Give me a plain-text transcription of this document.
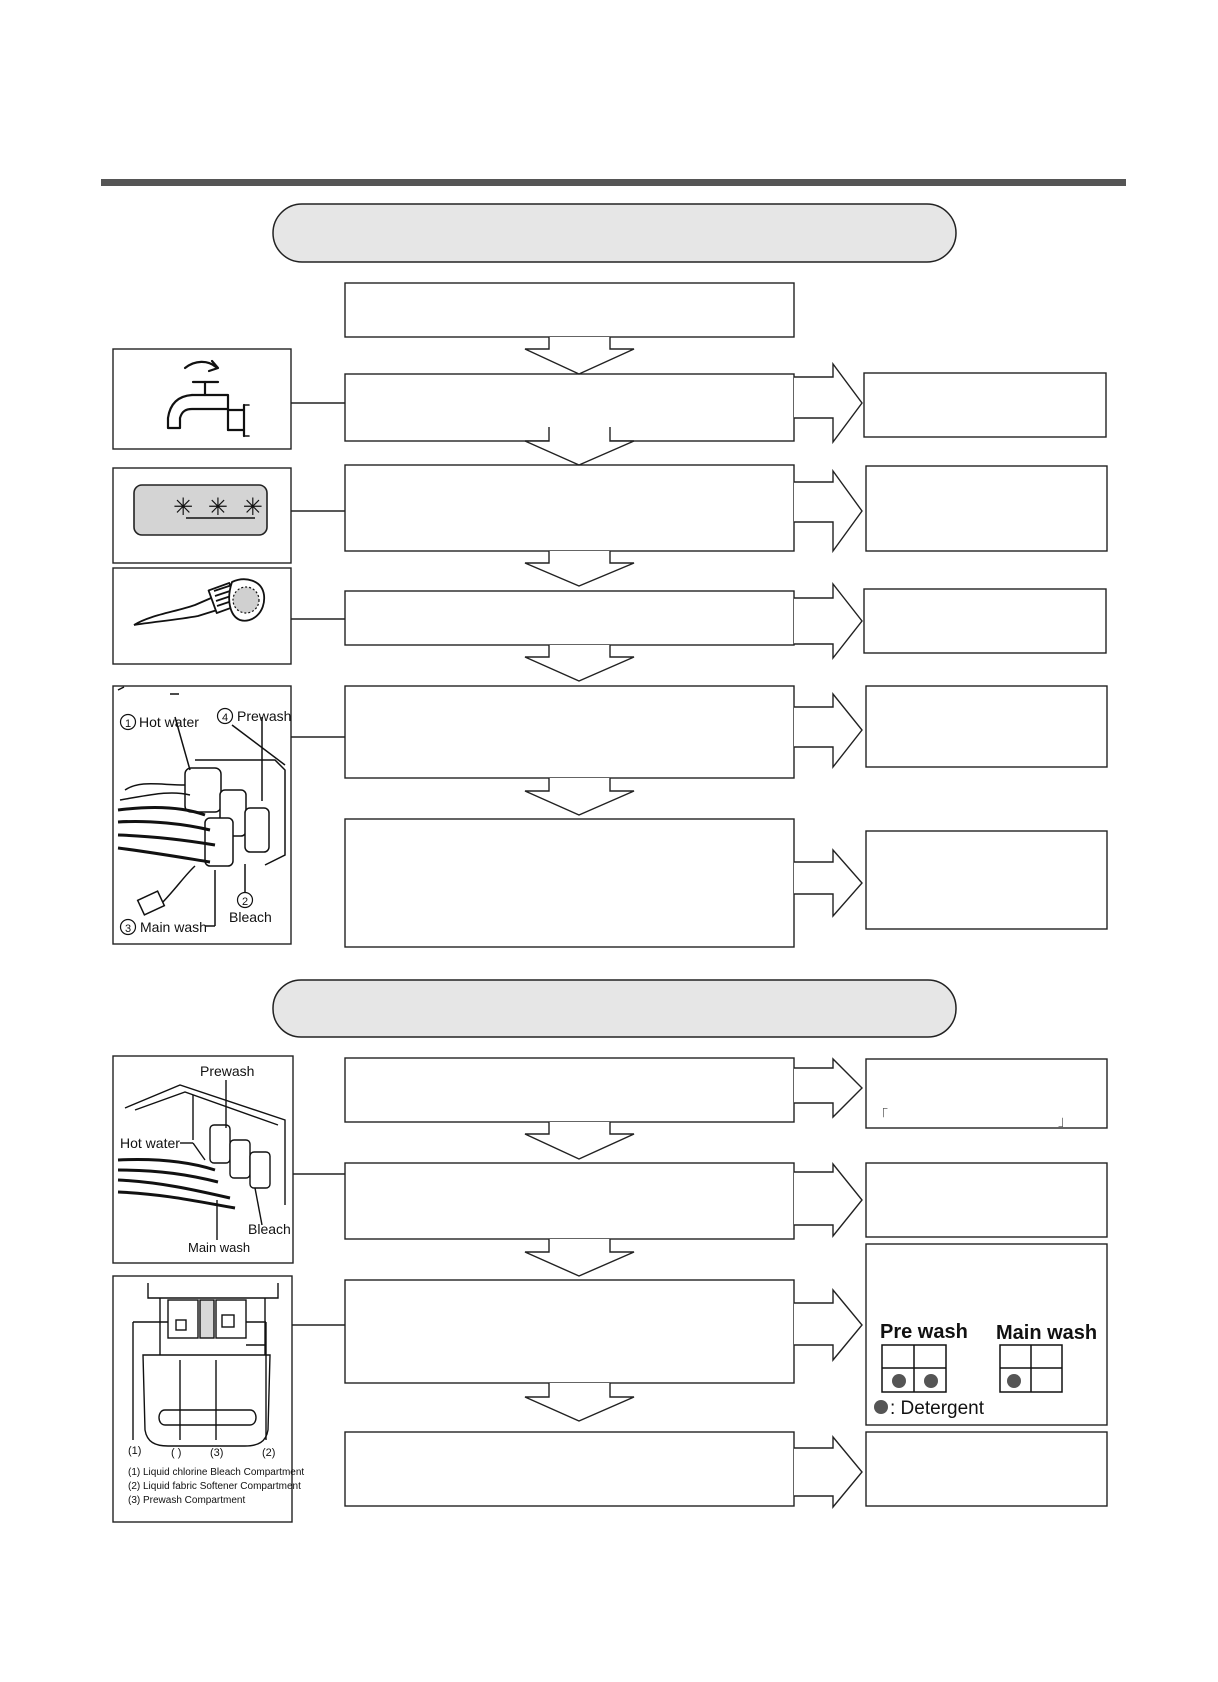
✳ ✳ ✳
1 Hot water 4 Prewash
2
Bleach
3 Main wash
Prewash
Hot water
Bleach
Main wash
(1)	( )	(3)	(2)
(1) Liquid chlorine Bleach Compartment
(2) Liquid fabric Softener Compartment
(3) Prewash Compartment
「	」
Pre wash Main wash
: Detergent
